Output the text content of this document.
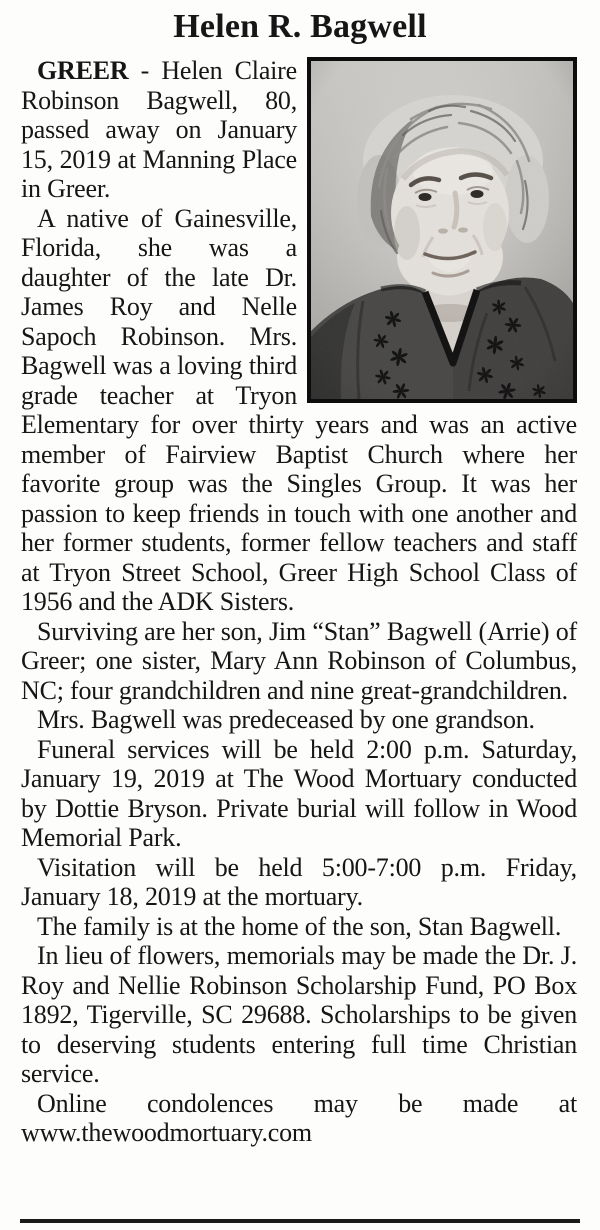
Helen R. Bagwell

GREER - Helen Claire Robinson Bagwell, 80, passed away on January 15, 2019 at Manning Place in Greer.

A native of Gainesville, Florida, she was a daughter of the late Dr. James Roy and Nelle Sapoch Robinson. Mrs. Bagwell was a loving third grade teacher at Tryon Elementary for over thirty years and was an active member of Fairview Baptist Church where her favorite group was the Singles Group. It was her passion to keep friends in touch with one another and her former students, former fellow teachers and staff at Tryon Street School, Greer High School Class of 1956 and the ADK Sisters.

Surviving are her son, Jim “Stan” Bagwell (Arrie) of Greer; one sister, Mary Ann Robinson of Columbus, NC; four grandchildren and nine great-grandchildren.

Mrs. Bagwell was predeceased by one grandson.

Funeral services will be held 2:00 p.m. Saturday, January 19, 2019 at The Wood Mortuary conducted by Dottie Bryson. Private burial will follow in Wood Memorial Park.

Visitation will be held 5:00-7:00 p.m. Friday, January 18, 2019 at the mortuary.

The family is at the home of the son, Stan Bagwell.

In lieu of flowers, memorials may be made the Dr. J. Roy and Nellie Robinson Scholarship Fund, PO Box 1892, Tigerville, SC 29688. Scholarships to be given to deserving students entering full time Christian service.

Online condolences may be made at www.thewoodmortuary.com
